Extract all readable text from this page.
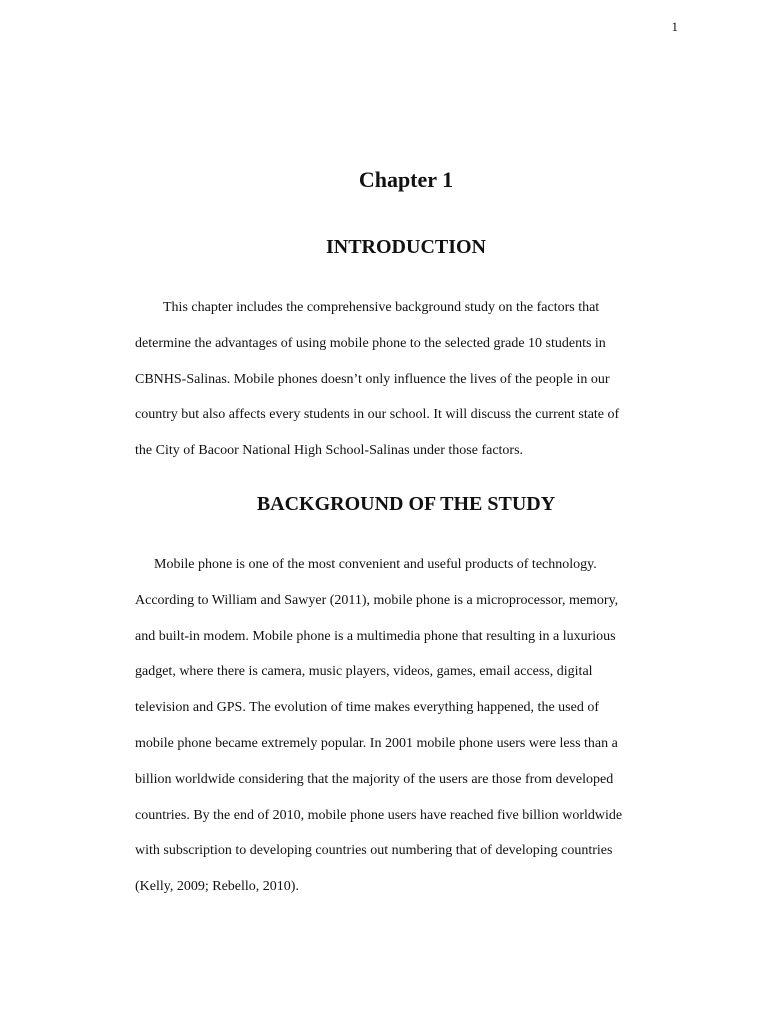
1
Chapter 1
INTRODUCTION

This chapter includes the comprehensive background study on the factors that
determine the advantages of using mobile phone to the selected grade 10 students in
CBNHS-Salinas. Mobile phones doesn’t only influence the lives of the people in our
country but also affects every students in our school. It will discuss the current state of
the City of Bacoor National High School-Salinas under those factors.

BACKGROUND OF THE STUDY

Mobile phone is one of the most convenient and useful products of technology.
According to William and Sawyer (2011), mobile phone is a microprocessor, memory,
and built-in modem. Mobile phone is a multimedia phone that resulting in a luxurious
gadget, where there is camera, music players, videos, games, email access, digital
television and GPS. The evolution of time makes everything happened, the used of
mobile phone became extremely popular. In 2001 mobile phone users were less than a
billion worldwide considering that the majority of the users are those from developed
countries. By the end of 2010, mobile phone users have reached five billion worldwide
with subscription to developing countries out numbering that of developing countries
(Kelly, 2009; Rebello, 2010).
